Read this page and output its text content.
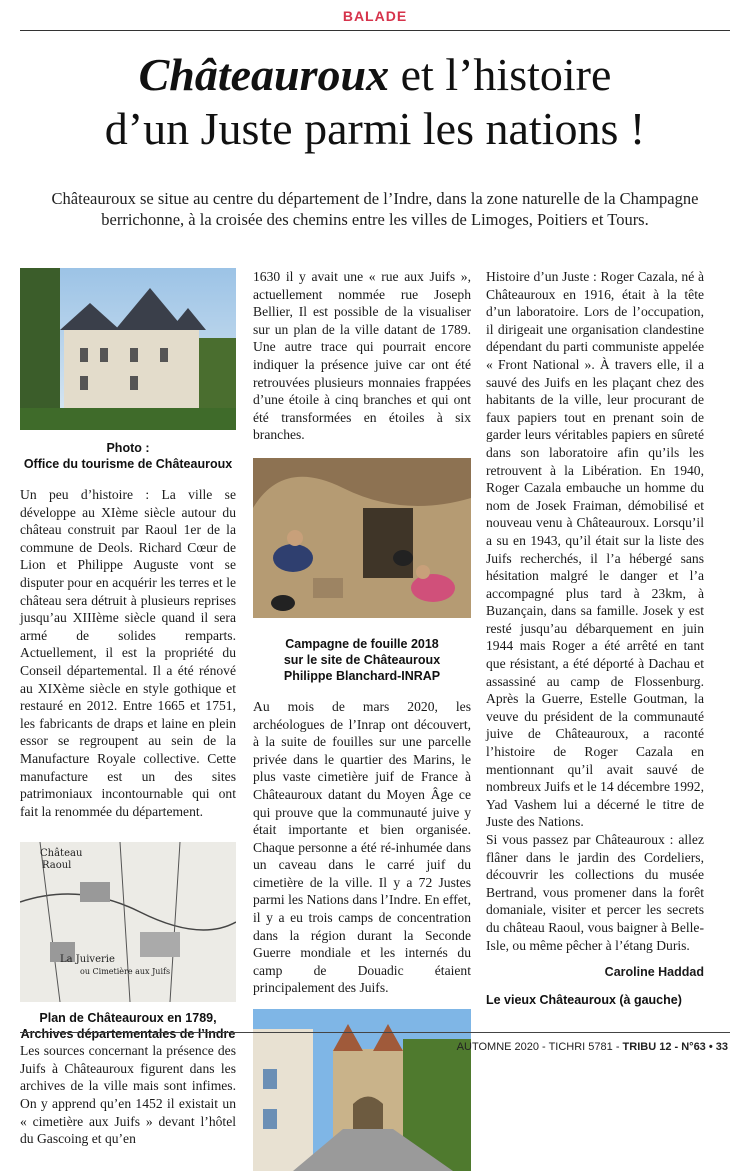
BALADE
Châteauroux et l’histoire
d’un Juste parmi les nations !
Châteauroux se situe au centre du département de l’Indre, dans la zone naturelle de la Champagne berrichonne, à la croisée des chemins entre les villes de Limoges, Poitiers et Tours.
Photo :
Office du tourisme de Châteauroux

Un peu d’histoire : La ville se développe au XIème siècle autour du château construit par Raoul 1er de la commune de Deols. Richard Cœur de Lion et Philippe Auguste vont se disputer pour en acquérir les terres et le château sera détruit à plusieurs reprises jusqu’au XIIIème siècle quand il sera armé de solides remparts. Actuellement, il est la propriété du Conseil départemental. Il a été rénové au XIXème siècle en style gothique et restauré en 2012. Entre 1665 et 1751, les fabricants de draps et laine en plein essor se regroupent au sein de la Manufacture Royale collective. Cette manufacture est un des sites patrimoniaux incontournable qui ont fait la renommée du département.

Château
Raoul
La Juiverie
ou Cimetière aux Juifs
Plan de Châteauroux en 1789,
Archives départementales de l’Indre

Les sources concernant la présence des Juifs à Châteauroux figurent dans les archives de la ville mais sont infimes. On y apprend qu’en 1452 il existait un « cimetière aux Juifs » devant l’hôtel du Gascoing et qu’en

1630 il y avait une « rue aux Juifs », actuellement nommée rue Joseph Bellier, Il est possible de la visualiser sur un plan de la ville datant de 1789. Une autre trace qui pourrait encore indiquer la présence juive car ont été retrouvées plusieurs monnaies frappées d’une étoile à cinq branches et qui ont été transformées en étoiles à six branches.

Campagne de fouille 2018
sur le site de Châteauroux
Philippe Blanchard-INRAP

Au mois de mars 2020, les archéologues de l’Inrap ont découvert, à la suite de fouilles sur une parcelle privée dans le quartier des Marins, le plus vaste cimetière juif de France à Châteauroux datant du Moyen Âge ce qui prouve que la communauté juive y était importante et bien organisée. Chaque personne a été ré-inhumée dans un caveau dans le carré juif du cimetière de la ville. Il y a 72 Justes parmi les Nations dans l’Indre. En effet, il y a eu trois camps de concentration dans la région durant la Seconde Guerre mondiale et les internés du camp de Douadic étaient principalement des Juifs.

Histoire d’un Juste : Roger Cazala, né à Châteauroux en 1916, était à la tête d’un laboratoire. Lors de l’occupation, il dirigeait une organisation clandestine dépendant du parti communiste appelée « Front National ». À travers elle, il a sauvé des Juifs en les plaçant chez des habitants de la ville, leur procurant de faux papiers tout en prenant soin de garder leurs véritables papiers en sûreté dans son laboratoire afin qu’ils les retrouvent à la Libération. En 1940, Roger Cazala embauche un homme du nom de Josek Fraiman, démobilisé et nouveau venu à Châteauroux. Lorsqu’il a su en 1943, qu’il était sur la liste des Juifs recherchés, il l’a hébergé sans hésitation malgré le danger et l’a accompagné plus tard à 23km, à Buzançain, dans sa famille. Josek y est resté jusqu’au débarquement en juin 1944 mais Roger a été arrêté en tant que résistant, a été déporté à Dachau et assassiné au camp de Flossenburg. Après la Guerre, Estelle Goutman, la veuve du président de la communauté juive de Châteauroux, a raconté l’histoire de Roger Cazala en mentionnant qu’il avait sauvé de nombreux Juifs et le 14 décembre 1992, Yad Vashem lui a décerné le titre de Juste des Nations.

Si vous passez par Châteauroux : allez flâner dans le jardin des Cordeliers, découvrir les collections du musée Bertrand, vous promener dans la forêt domaniale, visiter et percer les secrets du château Raoul, vous baigner à Belle-Isle, ou même pêcher à l’étang Duris.

Caroline Haddad
Le vieux Châteauroux (à gauche)
AUTOMNE 2020 - TICHRI 5781 - TRIBU 12 - N°63 • 33
